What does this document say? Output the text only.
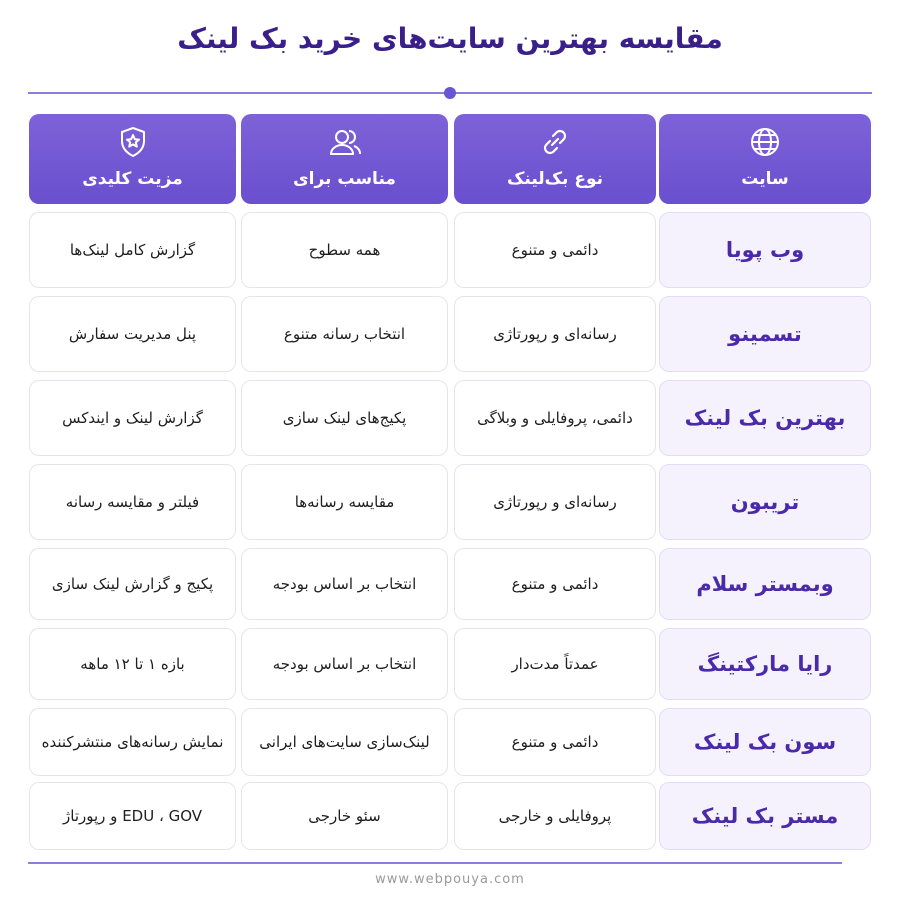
مقایسه بهترین سایت‌های خرید بک لینک
سایت
نوع بک‌لینک
مناسب برای
مزیت کلیدی
وب پویا
دائمی و متنوع
همه سطوح
گزارش کامل لینک‌ها
تسمینو
رسانه‌ای و رپورتاژی
انتخاب رسانه متنوع
پنل مدیریت سفارش
بهترین بک لینک
دائمی، پروفایلی و وبلاگی
پکیج‌های لینک سازی
گزارش لینک و ایندکس
تریبون
رسانه‌ای و رپورتاژی
مقایسه رسانه‌ها
فیلتر و مقایسه رسانه
وبمستر سلام
دائمی و متنوع
انتخاب بر اساس بودجه
پکیج و گزارش لینک سازی
رایا مارکتینگ
عمدتاً مدت‌دار
انتخاب بر اساس بودجه
بازه ۱ تا ۱۲ ماهه
سون بک لینک
دائمی و متنوع
لینک‌سازی سایت‌های ایرانی
نمایش رسانه‌های منتشرکننده
مستر بک لینک
پروفایلی و خارجی
سئو خارجی
EDU ، GOV و رپورتاژ
www.webpouya.com
